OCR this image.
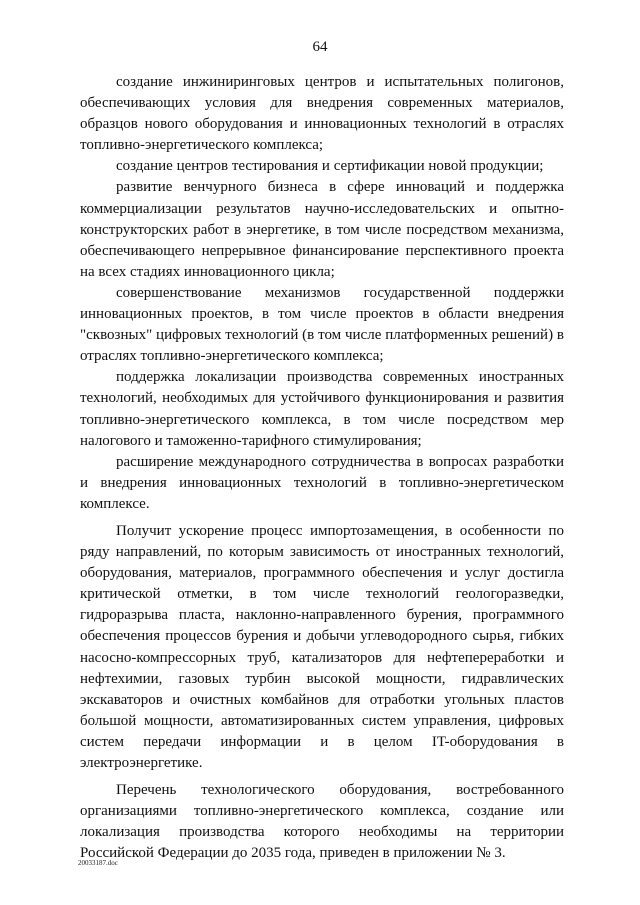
64

создание инжиниринговых центров и испытательных полигонов, обеспечивающих условия для внедрения современных материалов, образцов нового оборудования и инновационных технологий в отраслях топливно-энергетического комплекса;

создание центров тестирования и сертификации новой продукции;

развитие венчурного бизнеса в сфере инноваций и поддержка коммерциализации результатов научно-исследовательских и опытно-конструкторских работ в энергетике, в том числе посредством механизма, обеспечивающего непрерывное финансирование перспективного проекта на всех стадиях инновационного цикла;

совершенствование механизмов государственной поддержки инновационных проектов, в том числе проектов в области внедрения "сквозных" цифровых технологий (в том числе платформенных решений) в отраслях топливно-энергетического комплекса;

поддержка локализации производства современных иностранных технологий, необходимых для устойчивого функционирования и развития топливно-энергетического комплекса, в том числе посредством мер налогового и таможенно-тарифного стимулирования;

расширение международного сотрудничества в вопросах разработки и внедрения инновационных технологий в топливно-энергетическом комплексе.

Получит ускорение процесс импортозамещения, в особенности по ряду направлений, по которым зависимость от иностранных технологий, оборудования, материалов, программного обеспечения и услуг достигла критической отметки, в том числе технологий геологоразведки, гидроразрыва пласта, наклонно-направленного бурения, программного обеспечения процессов бурения и добычи углеводородного сырья, гибких насосно-компрессорных труб, катализаторов для нефтепереработки и нефтехимии, газовых турбин высокой мощности, гидравлических экскаваторов и очистных комбайнов для отработки угольных пластов большой мощности, автоматизированных систем управления, цифровых систем передачи информации и в целом IT-оборудования в электроэнергетике.

Перечень технологического оборудования, востребованного организациями топливно-энергетического комплекса, создание или локализация производства которого необходимы на территории Российской Федерации до 2035 года, приведен в приложении № 3.

20033187.doc
